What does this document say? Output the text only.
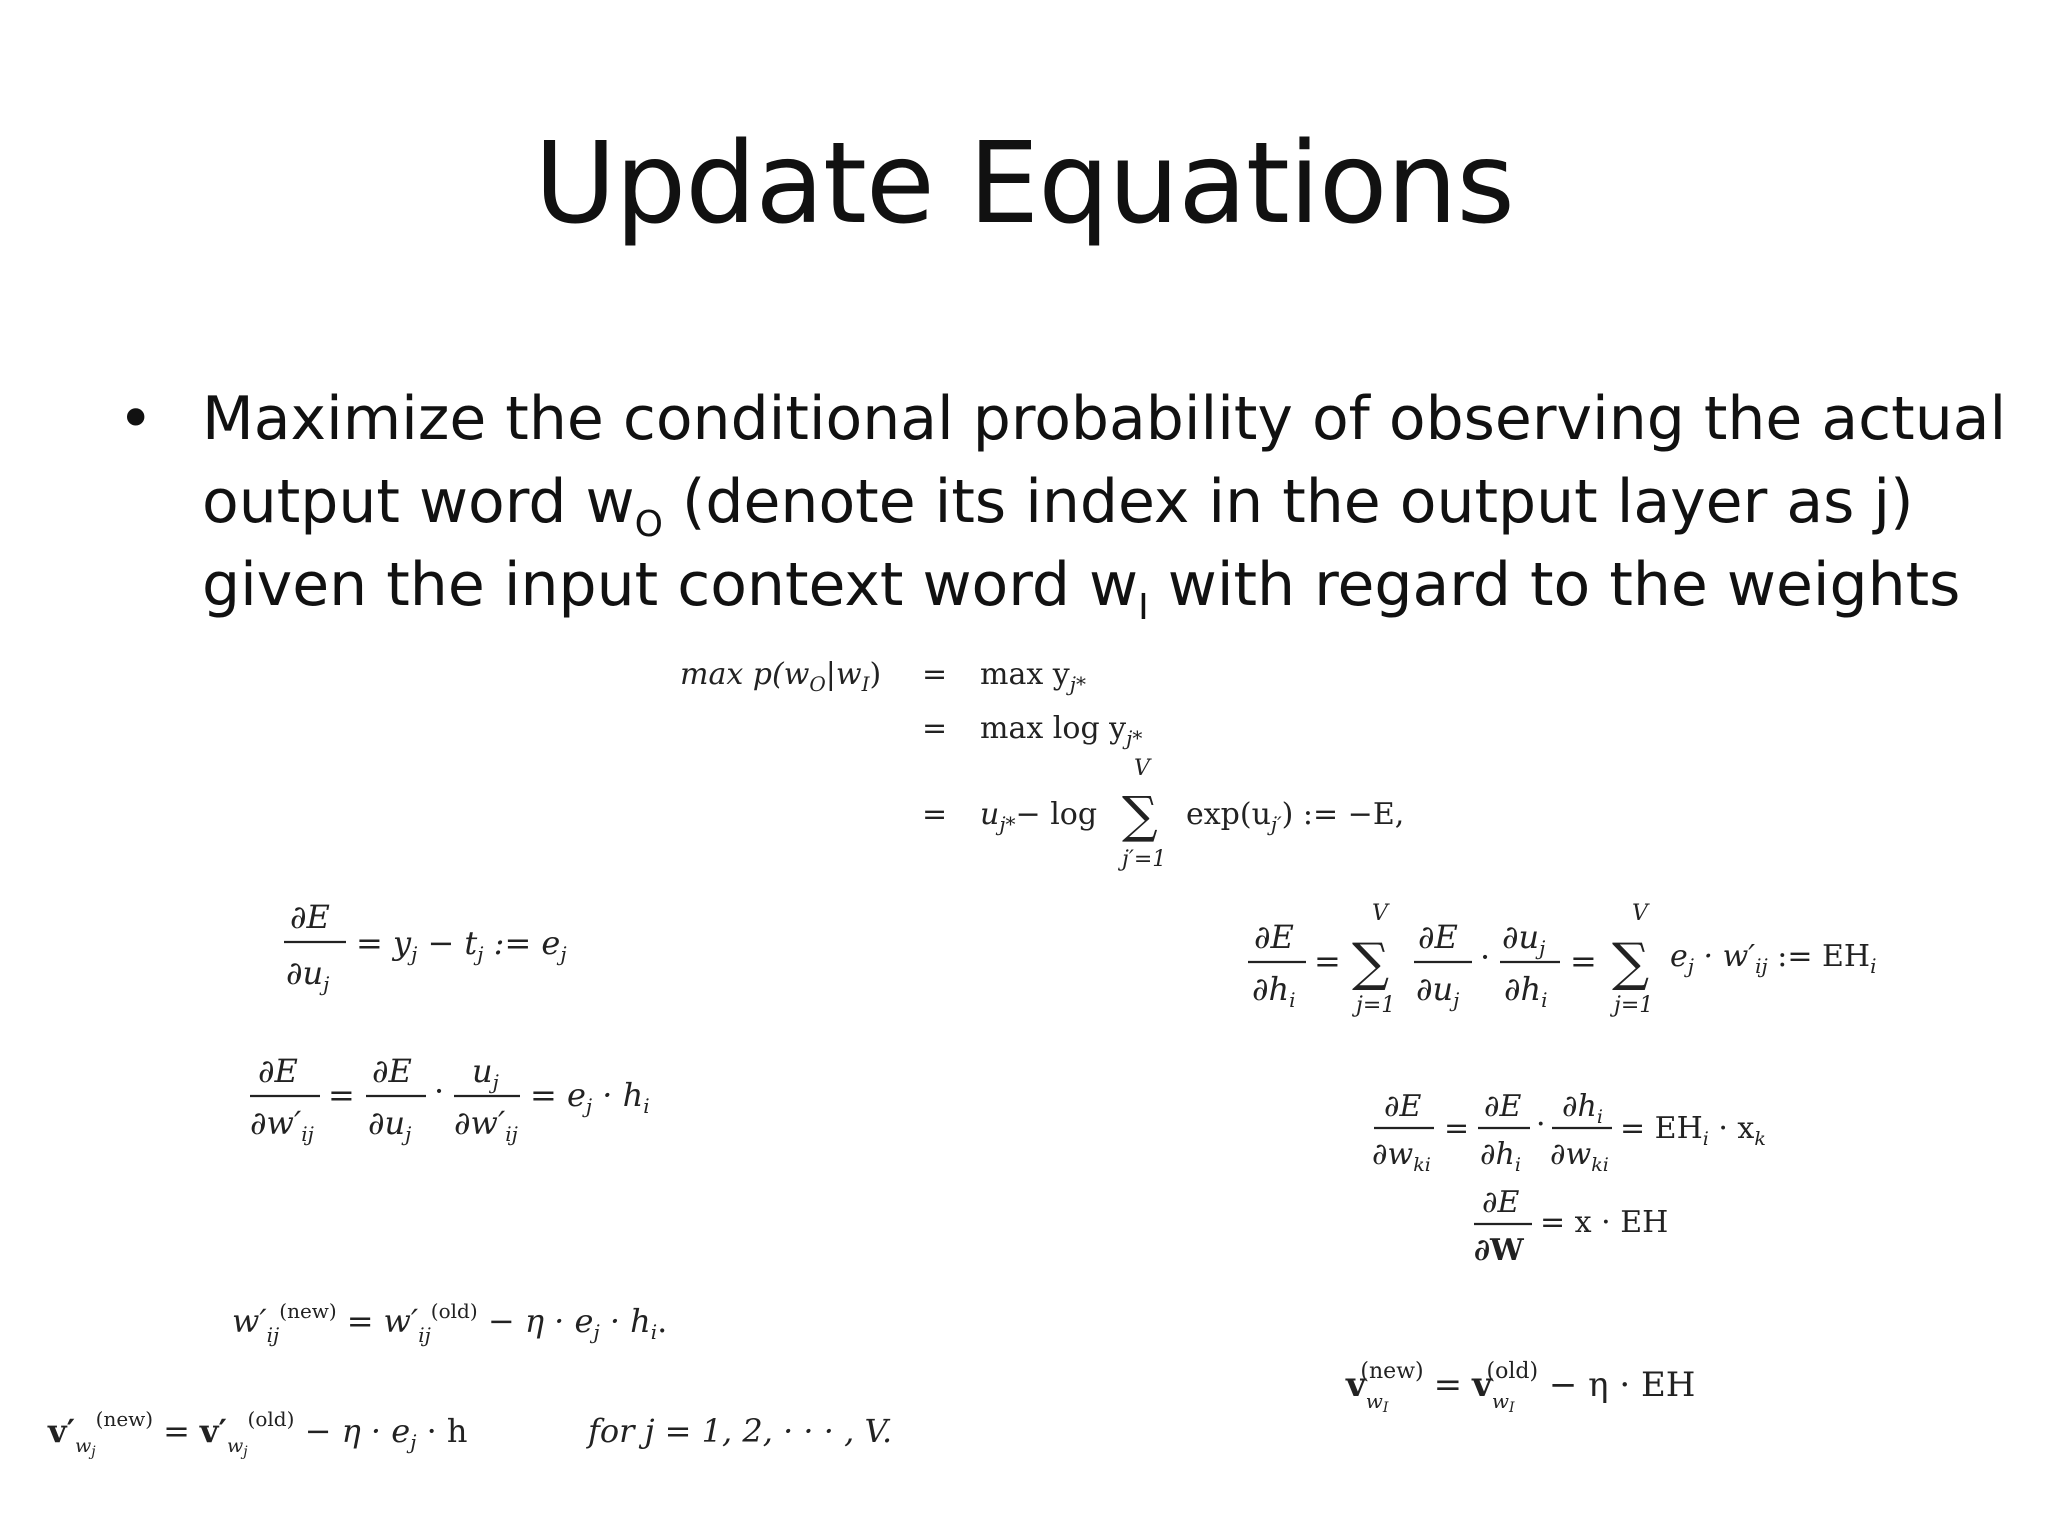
Update Equations
• Maximize the conditional probability of observing the actual
output word $w_O$ (denote its index in the output layer as j)
given the input context word $w_I$ with regard to the weights
$\max p(w_O|w_I) = \max y_{j*}$
= $\max \log y_{j*}$
= $u_{j*}- \log$
V
∑
j′=1
$\exp(u_{j'})$ := −E,
∂E
$\partial u_j$
= $y_j - t_j$ := $e_j$	∂E
$\partial h_i$
=
V
∑
j=1
∂E
$\partial u_j$
·
$\partial u_j$
$\partial h_i$
=
V
∑
j=1
$e_j \cdot w'_{ij}$ := $EH_i$
∂E
$\partial w'_{ij}$
=
∂E
$\partial u_j$
·
$u_j$
$\partial w'_{ij}$
= $e_j \cdot h_i$	∂E
$\partial w_{ki}$
=
∂E
$\partial h_i$
·
$\partial h_i$
$\partial w_{ki}$
= $EH_i \cdot x_k$
∂E
∂W
= x · EH
$w'_{ij}^{(new)} = w'_{ij}^{(old)} - \eta \cdot e_j \cdot h_i$.
$v'_wj^{(new)} = v'_wj^{(old)} - \eta \cdot e_j \cdot h$	for j = 1, 2, · · · , V.
$v_wI(new) = v_wI(old) - \eta$ · EH
